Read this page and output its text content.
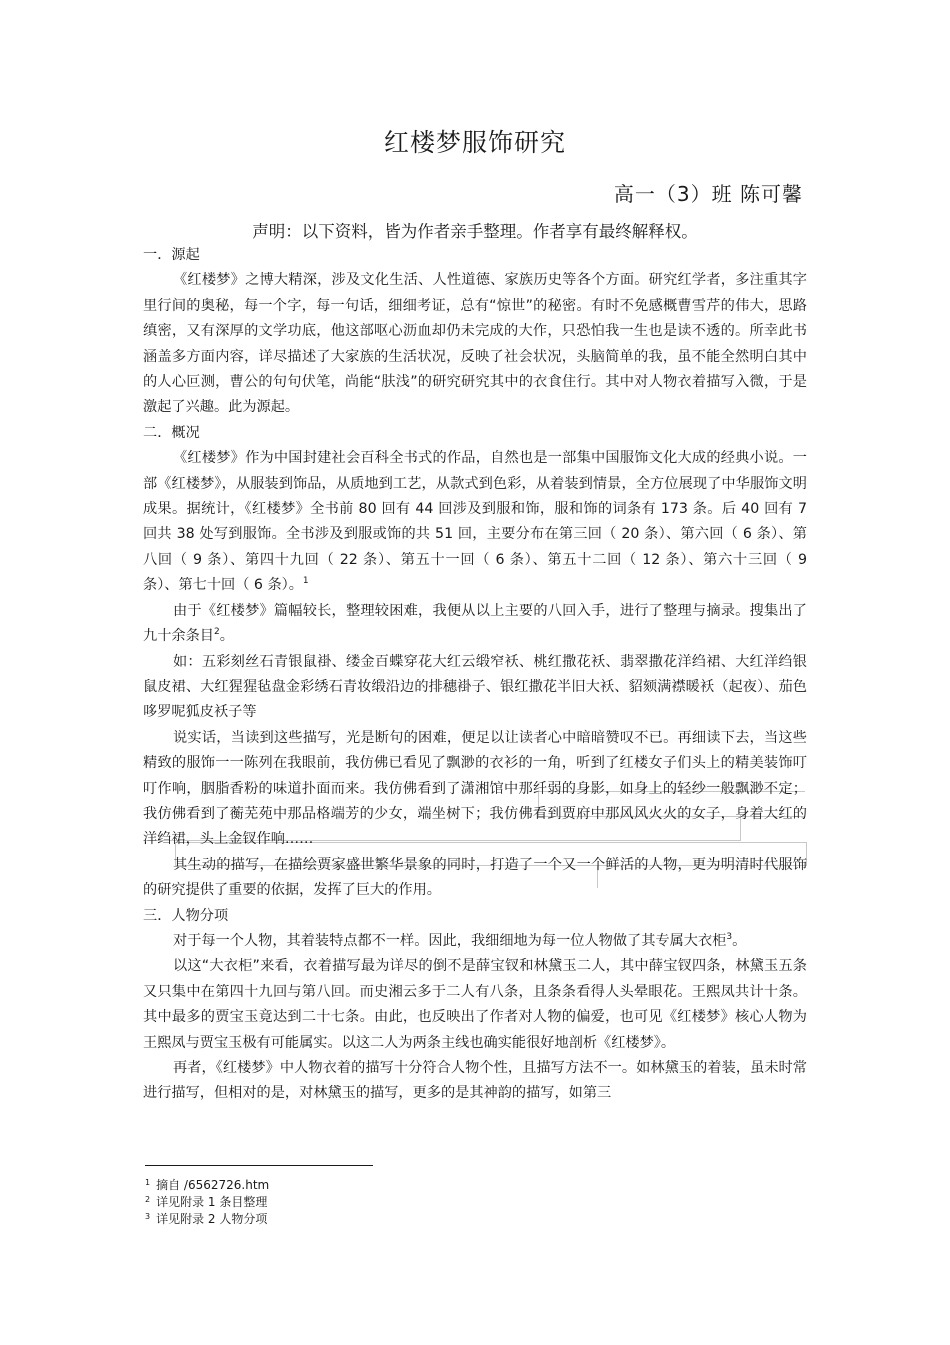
红楼梦服饰研究
高一（3）班 陈可馨
声明：以下资料，皆为作者亲手整理。作者享有最终解释权。

一．源起

《红楼梦》之博大精深，涉及文化生活、人性道德、家族历史等各个方面。研究红学者，多注重其字里行间的奥秘，每一个字，每一句话，细细考证，总有“惊世”的秘密。有时不免感概曹雪芹的伟大，思路缜密，又有深厚的文学功底，他这部呕心沥血却仍未完成的大作，只恐怕我一生也是读不透的。所幸此书涵盖多方面内容，详尽描述了大家族的生活状况，反映了社会状况，头脑简单的我，虽不能全然明白其中的人心叵测，曹公的句句伏笔，尚能“肤浅”的研究研究其中的衣食住行。其中对人物衣着描写入微，于是激起了兴趣。此为源起。

二．概况

《红楼梦》作为中国封建社会百科全书式的作品，自然也是一部集中国服饰文化大成的经典小说。一部《红楼梦》，从服装到饰品，从质地到工艺，从款式到色彩，从着装到情景，全方位展现了中华服饰文明成果。据统计，《红楼梦》全书前 80 回有 44 回涉及到服和饰，服和饰的词条有 173 条。后 40 回有 7 回共 38 处写到服饰。全书涉及到服或饰的共 51 回，主要分布在第三回（ 20 条）、第六回（ 6 条）、第八回（ 9 条）、第四十九回（ 22 条）、第五十一回（ 6 条）、第五十二回（ 12 条）、第六十三回（ 9 条）、第七十回（ 6 条）。$^1$

由于《红楼梦》篇幅较长，整理较困难，我便从以上主要的八回入手，进行了整理与摘录。搜集出了九十余条目$^2$。

如：五彩刻丝石青银鼠褂、缕金百蝶穿花大红云缎窄袄、桃红撒花袄、翡翠撒花洋绉裙、大红洋绉银鼠皮裙、大红猩猩毡盘金彩绣石青妆缎沿边的排穗褂子、银红撒花半旧大袄、貂颏满襟暖袄（起夜）、茄色哆罗呢狐皮袄子等

说实话，当读到这些描写，光是断句的困难，便足以让读者心中暗暗赞叹不已。再细读下去，当这些精致的服饰一一陈列在我眼前，我仿佛已看见了飘渺的衣衫的一角，听到了红楼女子们头上的精美装饰叮叮作响，胭脂香粉的味道扑面而来。我仿佛看到了潇湘馆中那纤弱的身影，如身上的轻纱一般飘渺不定；我仿佛看到了蘅芜苑中那品格端芳的少女，端坐树下；我仿佛看到贾府中那风风火火的女子，身着大红的洋绉裙，头上金钗作响……

其生动的描写，在描绘贾家盛世繁华景象的同时，打造了一个又一个鲜活的人物，更为明清时代服饰的研究提供了重要的依据，发挥了巨大的作用。

三．人物分项

对于每一个人物，其着装特点都不一样。因此，我细细地为每一位人物做了其专属大衣柜$^3$。

以这“大衣柜”来看，衣着描写最为详尽的倒不是薛宝钗和林黛玉二人，其中薛宝钗四条，林黛玉五条又只集中在第四十九回与第八回。而史湘云多于二人有八条，且条条看得人头晕眼花。王熙凤共计十条。其中最多的贾宝玉竟达到二十七条。由此，也反映出了作者对人物的偏爱，也可见《红楼梦》核心人物为王熙凤与贾宝玉极有可能属实。以这二人为两条主线也确实能很好地剖析《红楼梦》。

再者，《红楼梦》中人物衣着的描写十分符合人物个性，且描写方法不一。如林黛玉的着装，虽未时常进行描写，但相对的是，对林黛玉的描写，更多的是其神韵的描写，如第三

$^1$ 摘自 /6562726.htm
$^2$ 详见附录 1 条目整理
$^3$ 详见附录 2 人物分项
